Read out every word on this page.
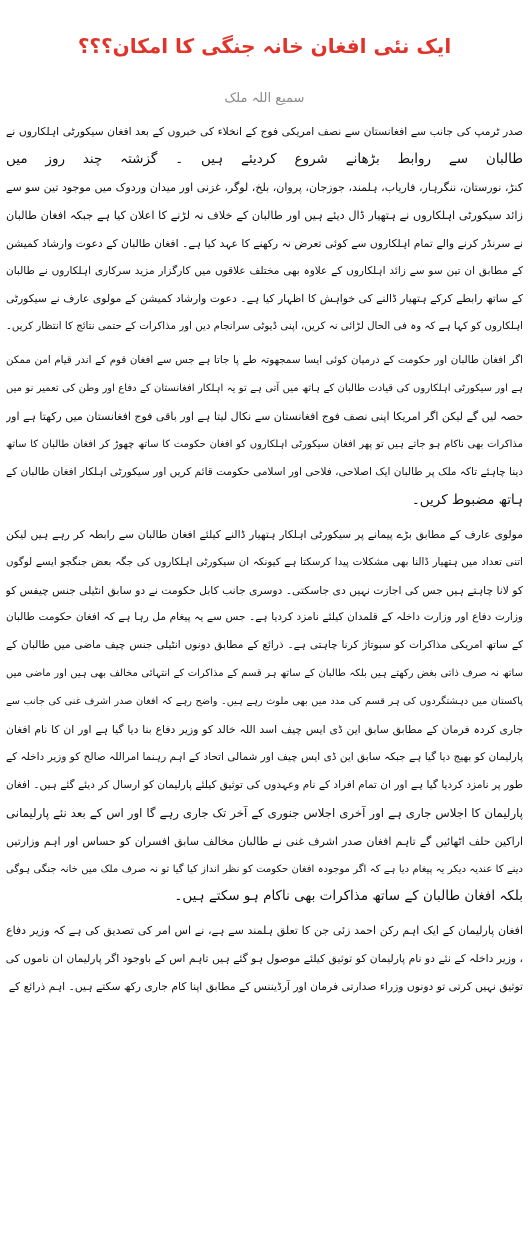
ایک نئی افغان خانہ جنگی کا امکان؟؟؟
سمیع اللہ ملک
صدر ٹرمپ کی جانب سے افغانستان سے نصف امریکی فوج کے انخلاء کی خبروں کے بعد افغان سیکورٹی اہلکاروں نے
طالبان سے روابط بڑھانے شروع کردیئے ہیں ۔ گزشتہ چند روز میں
کنڑ، نورستان، ننگرہار، فاریاب، ہلمند، جوزجان، پروان، بلخ، لوگر، غزنی اور میدان وردوک میں موجود تین سو سے
زائد سیکورٹی اہلکاروں نے ہتھیار ڈال دیئے ہیں اور طالبان کے خلاف نہ لڑنے کا اعلان کیا ہے جبکہ افغان طالبان
نے سرنڈر کرنے والے تمام اہلکاروں سے کوئی تعرض نہ رکھنے کا عہد کیا ہے۔ افغان طالبان کے دعوت وارشاد کمیشن
کے مطابق ان تین سو سے زائد اہلکاروں کے علاوہ بھی مختلف علاقوں میں کارگزار مزید سرکاری اہلکاروں نے طالبان
کے ساتھ رابطے کرکے ہتھیار ڈالنے کی خواہش کا اظہار کیا ہے۔ دعوت وارشاد کمیشن کے مولوی عارف نے سیکورٹی
اہلکاروں کو کہا ہے کہ وہ فی الحال لڑائی نہ کریں، اپنی ڈیوٹی سرانجام دیں اور مذاکرات کے حتمی نتائج کا انتظار کریں۔
اگر افغان طالبان اور حکومت کے درمیان کوئی ایسا سمجھوتہ طے پا جاتا ہے جس سے افغان قوم کے اندر قیام امن ممکن
ہے اور سیکورٹی اہلکاروں کی قیادت طالبان کے ہاتھ میں آتی ہے تو یہ اہلکار افغانستان کے دفاع اور وطن کی تعمیر نو میں
حصہ لیں گے لیکن اگر امریکا اپنی نصف فوج افغانستان سے نکال لیتا ہے اور باقی فوج افغانستان میں رکھتا ہے اور
مذاکرات بھی ناکام ہو جاتے ہیں تو پھر افغان سیکورٹی اہلکاروں کو افغان حکومت کا ساتھ چھوڑ کر افغان طالبان کا ساتھ
دینا چاہئے تاکہ ملک پر طالبان ایک اصلاحی، فلاحی اور اسلامی حکومت قائم کریں اور سیکورٹی اہلکار افغان طالبان کے
ہاتھ مضبوط کریں۔
مولوی عارف کے مطابق بڑے پیمانے پر سیکورٹی اہلکار ہتھیار ڈالنے کیلئے افغان طالبان سے رابطہ کر رہے ہیں لیکن
اتنی تعداد میں ہتھیار ڈالنا بھی مشکلات پیدا کرسکتا ہے کیونکہ ان سیکورٹی اہلکاروں کی جگہ بعض جنگجو ایسے لوگوں
کو لانا چاہتے ہیں جس کی اجازت نہیں دی جاسکتی۔ دوسری جانب کابل حکومت نے دو سابق انٹیلی جنس چیفس کو
وزارت دفاع اور وزارت داخلہ کے قلمدان کیلئے نامزد کردیا ہے۔ جس سے یہ پیغام مل رہا ہے کہ افغان حکومت طالبان
کے ساتھ امریکی مذاکرات کو سبوتاژ کرنا چاہتی ہے۔ ذرائع کے مطابق دونوں انٹیلی جنس چیف ماضی میں طالبان کے
ساتھ نہ صرف ذاتی بغض رکھتے ہیں بلکہ طالبان کے ساتھ ہر قسم کے مذاکرات کے انتہائی مخالف بھی ہیں اور ماضی میں
پاکستان میں دہشتگردوں کی ہر قسم کی مدد میں بھی ملوث رہے ہیں۔ واضح رہے کہ افغان صدر اشرف غنی کی جانب سے
جاری کردہ فرمان کے مطابق سابق این ڈی ایس چیف اسد اللہ خالد کو وزیر دفاع بنا دیا گیا ہے اور ان کا نام افغان
پارلیمان کو بھیج دیا گیا ہے جبکہ سابق این ڈی ایس چیف اور شمالی اتحاد کے اہم رہنما امراللہ صالح کو وزیر داخلہ کے
طور پر نامزد کردیا گیا ہے اور ان تمام افراد کے نام وعہدوں کی توثیق کیلئے پارلیمان کو ارسال کر دیئے گئے ہیں۔ افغان
پارلیمان کا اجلاس جاری ہے اور آخری اجلاس جنوری کے آخر تک جاری رہے گا اور اس کے بعد نئے پارلیمانی
اراکین حلف اٹھائیں گے تاہم افغان صدر اشرف غنی نے طالبان مخالف سابق افسران کو حساس اور اہم وزارتیں
دینے کا عندیہ دیکر یہ پیغام دیا ہے کہ اگر موجودہ افغان حکومت کو نظر انداز کیا گیا تو نہ صرف ملک میں خانہ جنگی ہوگی
بلکہ افغان طالبان کے ساتھ مذاکرات بھی ناکام ہو سکتے ہیں۔
افغان پارلیمان کے ایک اہم رکن احمد زئی جن کا تعلق ہلمند سے ہے، نے اس امر کی تصدیق کی ہے کہ وزیر دفاع
، وزیر داخلہ کے نئے دو نام پارلیمان کو توثیق کیلئے موصول ہو گئے ہیں تاہم اس کے باوجود اگر پارلیمان ان ناموں کی
توثیق نہیں کرتی تو دونوں وزراء صدارتی فرمان اور آرڈیننس کے مطابق اپنا کام جاری رکھ سکتے ہیں۔ اہم ذرائع کے
